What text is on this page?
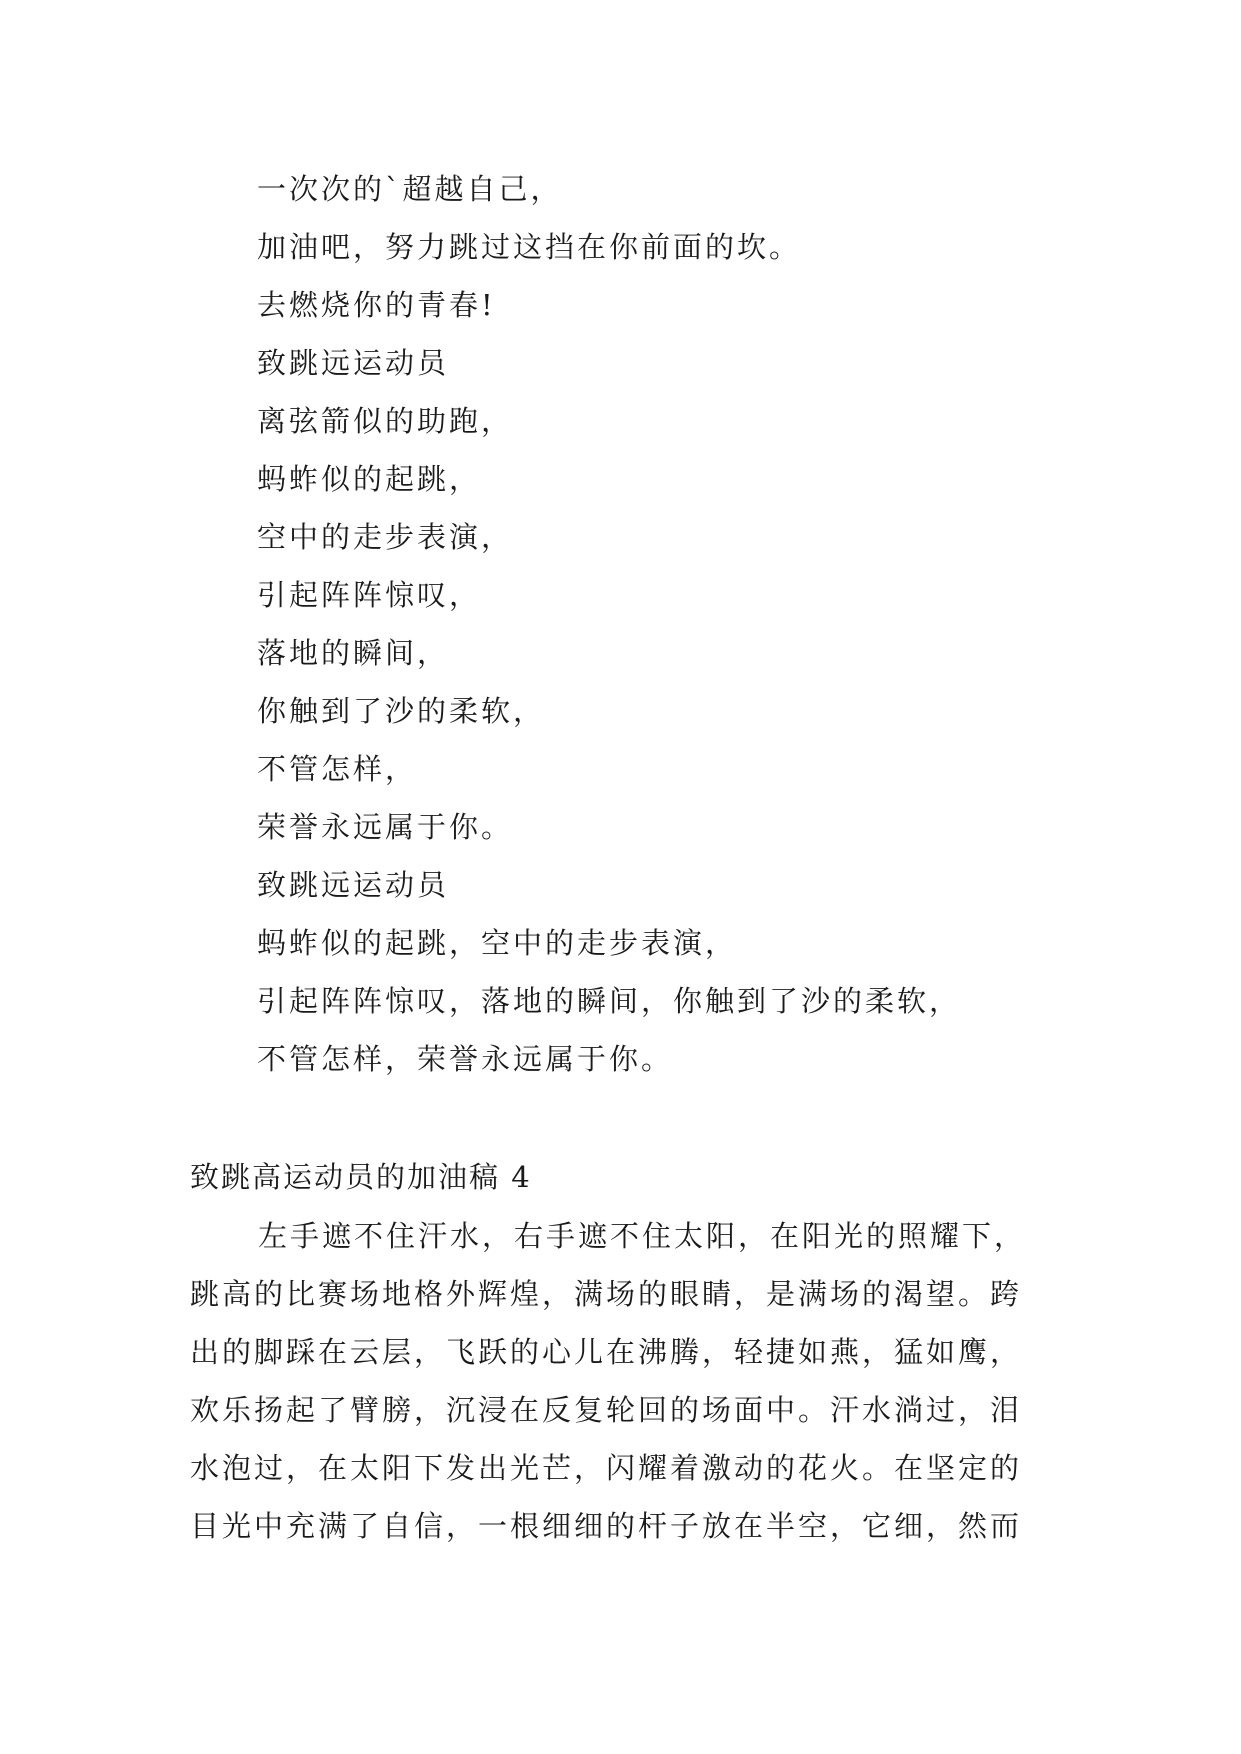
一次次的`超越自己，
加油吧，努力跳过这挡在你前面的坎。
去燃烧你的青春!
致跳远运动员
离弦箭似的助跑，
蚂蚱似的起跳，
空中的走步表演，
引起阵阵惊叹，
落地的瞬间，
你触到了沙的柔软，
不管怎样，
荣誉永远属于你。
致跳远运动员
蚂蚱似的起跳，空中的走步表演，
引起阵阵惊叹，落地的瞬间，你触到了沙的柔软，
不管怎样，荣誉永远属于你。
致跳高运动员的加油稿 4
左手遮不住汗水，右手遮不住太阳，在阳光的照耀下，
跳高的比赛场地格外辉煌，满场的眼睛，是满场的渴望。跨
出的脚踩在云层，飞跃的心儿在沸腾，轻捷如燕，猛如鹰，
欢乐扬起了臂膀，沉浸在反复轮回的场面中。汗水淌过，泪
水泡过，在太阳下发出光芒，闪耀着激动的花火。在坚定的
目光中充满了自信，一根细细的杆子放在半空，它细，然而
